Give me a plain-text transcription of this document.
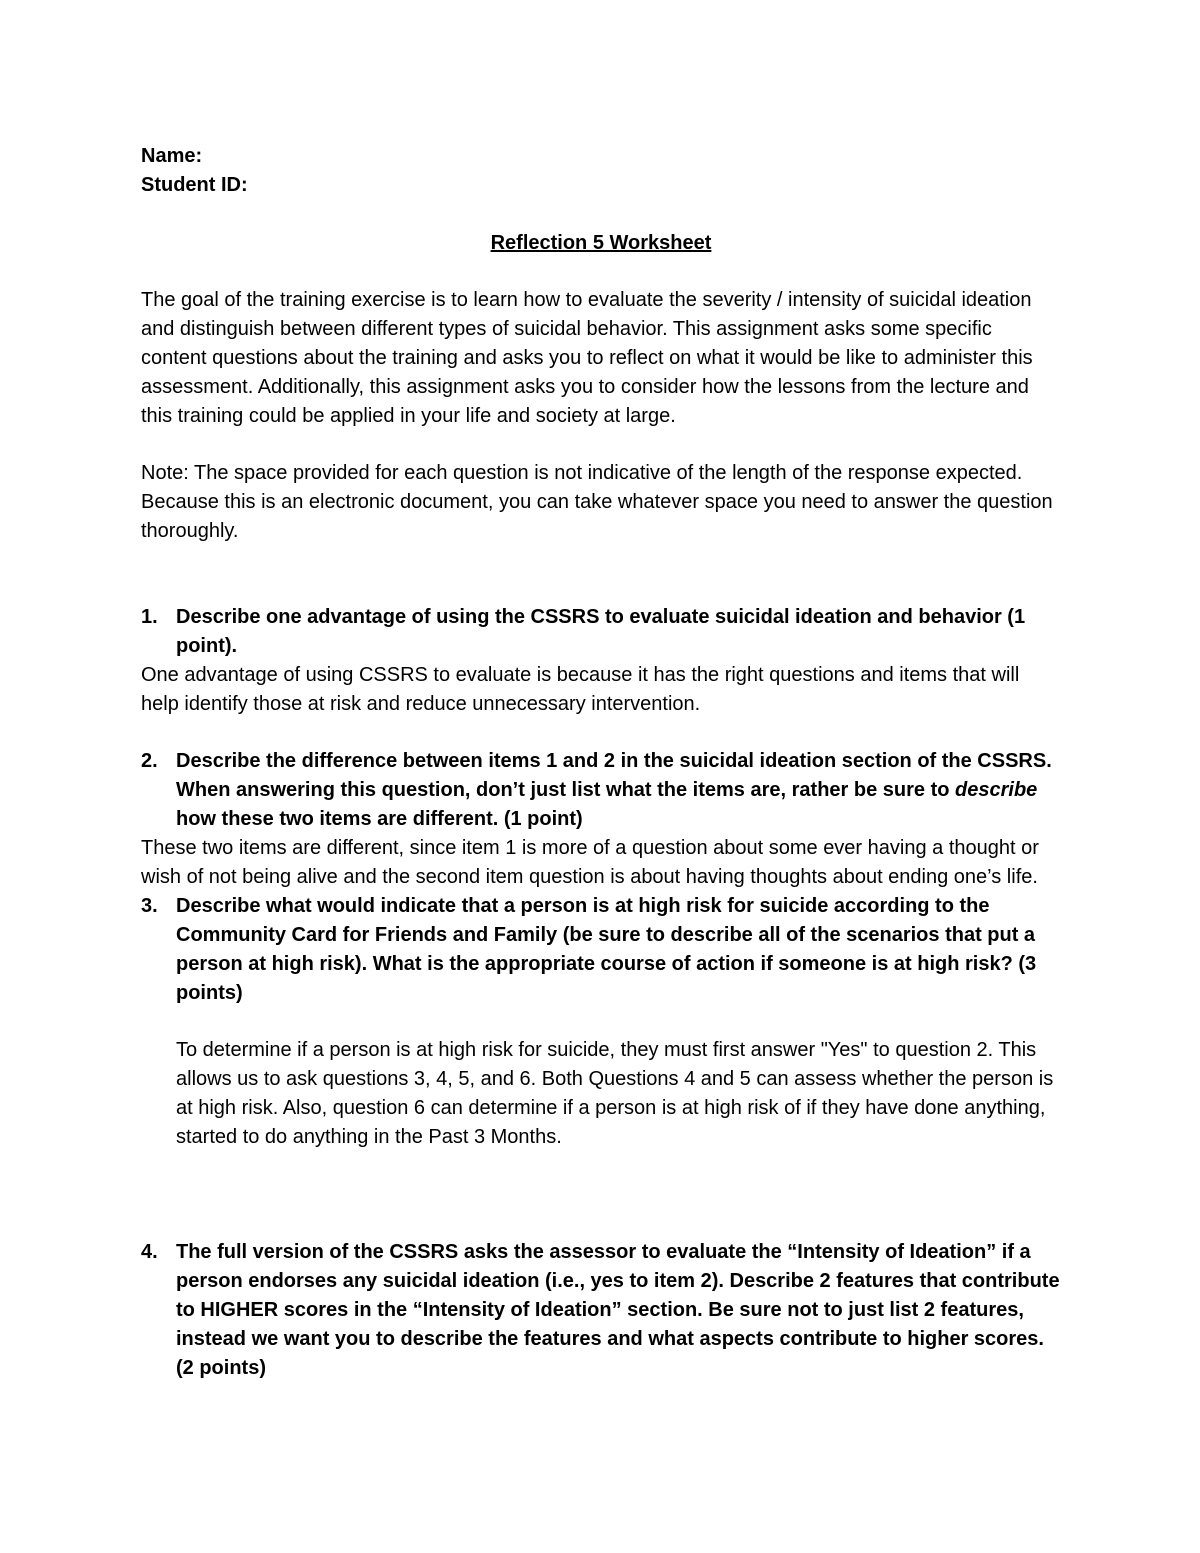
Name:
Student ID:
Reflection 5 Worksheet
The goal of the training exercise is to learn how to evaluate the severity / intensity of suicidal ideation and distinguish between different types of suicidal behavior. This assignment asks some specific content questions about the training and asks you to reflect on what it would be like to administer this assessment. Additionally, this assignment asks you to consider how the lessons from the lecture and this training could be applied in your life and society at large.
Note: The space provided for each question is not indicative of the length of the response expected. Because this is an electronic document, you can take whatever space you need to answer the question thoroughly.
1. Describe one advantage of using the CSSRS to evaluate suicidal ideation and behavior (1 point).
One advantage of using CSSRS to evaluate is because it has the right questions and items that will help identify those at risk and reduce unnecessary intervention.
2. Describe the difference between items 1 and 2 in the suicidal ideation section of the CSSRS. When answering this question, don’t just list what the items are, rather be sure to describe how these two items are different. (1 point)
These two items are different, since item 1 is more of a question about some ever having a thought or wish of not being alive and the second item question is about having thoughts about ending one’s life.
3. Describe what would indicate that a person is at high risk for suicide according to the Community Card for Friends and Family (be sure to describe all of the scenarios that put a person at high risk). What is the appropriate course of action if someone is at high risk? (3 points)
To determine if a person is at high risk for suicide, they must first answer "Yes" to question 2. This allows us to ask questions 3, 4, 5, and 6. Both Questions 4 and 5 can assess whether the person is at high risk. Also, question 6 can determine if a person is at high risk of if they have done anything, started to do anything in the Past 3 Months.
4. The full version of the CSSRS asks the assessor to evaluate the “Intensity of Ideation” if a person endorses any suicidal ideation (i.e., yes to item 2). Describe 2 features that contribute to HIGHER scores in the “Intensity of Ideation” section. Be sure not to just list 2 features, instead we want you to describe the features and what aspects contribute to higher scores. (2 points)
